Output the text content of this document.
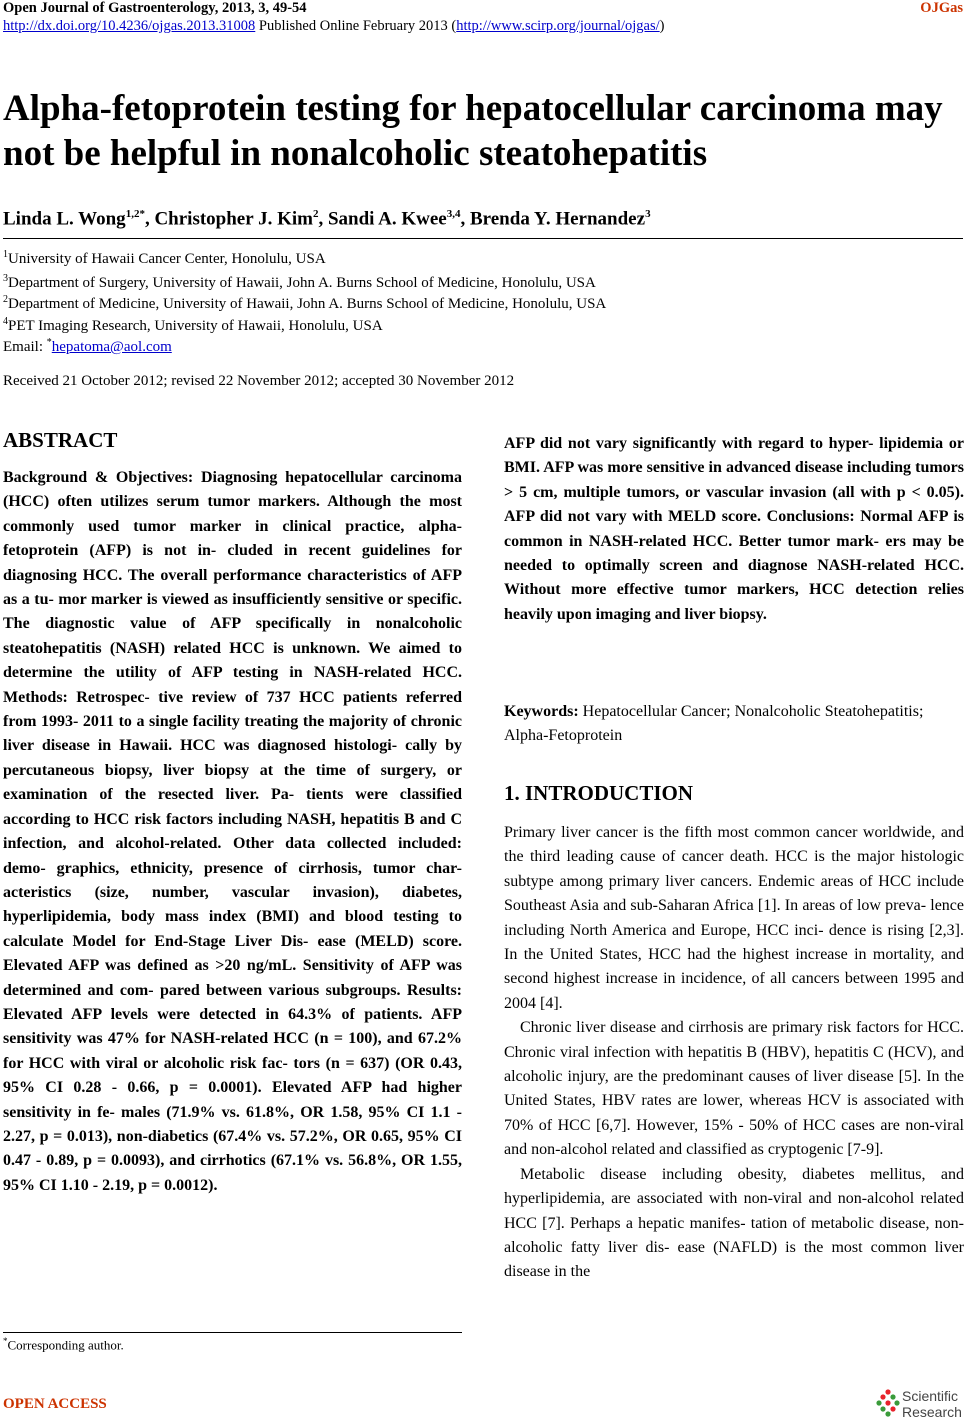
Open Journal of Gastroenterology, 2013, 3, 49-54	OJGas
http://dx.doi.org/10.4236/ojgas.2013.31008 Published Online February 2013 (http://www.scirp.org/journal/ojgas/)
Alpha-fetoprotein testing for hepatocellular carcinoma may not be helpful in nonalcoholic steatohepatitis
Linda L. Wong$^{1,2*}$, Christopher J. Kim$^2$, Sandi A. Kwee$^{3,4}$, Brenda Y. Hernandez$^3$
$^1$University of Hawaii Cancer Center, Honolulu, USA
$^3$Department of Surgery, University of Hawaii, John A. Burns School of Medicine, Honolulu, USA
$^2$Department of Medicine, University of Hawaii, John A. Burns School of Medicine, Honolulu, USA
$^4$PET Imaging Research, University of Hawaii, Honolulu, USA
Email: *hepatoma@aol.com
Received 21 October 2012; revised 22 November 2012; accepted 30 November 2012
ABSTRACT
Background & Objectives: Diagnosing hepatocellular carcinoma (HCC) often utilizes serum tumor markers. Although the most commonly used tumor marker in clinical practice, alpha-fetoprotein (AFP) is not in- cluded in recent guidelines for diagnosing HCC. The overall performance characteristics of AFP as a tu- mor marker is viewed as insufficiently sensitive or specific. The diagnostic value of AFP specifically in nonalcoholic steatohepatitis (NASH) related HCC is unknown. We aimed to determine the utility of AFP testing in NASH-related HCC. Methods: Retrospec- tive review of 737 HCC patients referred from 1993- 2011 to a single facility treating the majority of chronic liver disease in Hawaii. HCC was diagnosed histologi- cally by percutaneous biopsy, liver biopsy at the time of surgery, or examination of the resected liver. Pa- tients were classified according to HCC risk factors including NASH, hepatitis B and C infection, and alcohol-related. Other data collected included: demo- graphics, ethnicity, presence of cirrhosis, tumor char- acteristics (size, number, vascular invasion), diabetes, hyperlipidemia, body mass index (BMI) and blood testing to calculate Model for End-Stage Liver Dis- ease (MELD) score. Elevated AFP was defined as >20 ng/mL. Sensitivity of AFP was determined and com- pared between various subgroups. Results: Elevated AFP levels were detected in 64.3% of patients. AFP sensitivity was 47% for NASH-related HCC (n = 100), and 67.2% for HCC with viral or alcoholic risk fac- tors (n = 637) (OR 0.43, 95% CI 0.28 - 0.66, p = 0.0001). Elevated AFP had higher sensitivity in fe- males (71.9% vs. 61.8%, OR 1.58, 95% CI 1.1 - 2.27, p = 0.013), non-diabetics (67.4% vs. 57.2%, OR 0.65, 95% CI 0.47 - 0.89, p = 0.0093), and cirrhotics (67.1% vs. 56.8%, OR 1.55, 95% CI 1.10 - 2.19, p = 0.0012).
AFP did not vary significantly with regard to hyper- lipidemia or BMI. AFP was more sensitive in advanced disease including tumors > 5 cm, multiple tumors, or vascular invasion (all with p < 0.05). AFP did not vary with MELD score. Conclusions: Normal AFP is common in NASH-related HCC. Better tumor mark- ers may be needed to optimally screen and diagnose NASH-related HCC. Without more effective tumor markers, HCC detection relies heavily upon imaging and liver biopsy.
Keywords: Hepatocellular Cancer; Nonalcoholic Steatohepatitis; Alpha-Fetoprotein
1. INTRODUCTION

Primary liver cancer is the fifth most common cancer worldwide, and the third leading cause of cancer death. HCC is the major histologic subtype among primary liver cancers. Endemic areas of HCC include Southeast Asia and sub-Saharan Africa [1]. In areas of low preva- lence including North America and Europe, HCC inci- dence is rising [2,3]. In the United States, HCC had the highest increase in mortality, and second highest increase in incidence, of all cancers between 1995 and 2004 [4].

Chronic liver disease and cirrhosis are primary risk factors for HCC. Chronic viral infection with hepatitis B (HBV), hepatitis C (HCV), and alcoholic injury, are the predominant causes of liver disease [5]. In the United States, HBV rates are lower, whereas HCV is associated with 70% of HCC [6,7]. However, 15% - 50% of HCC cases are non-viral and non-alcohol related and classified as cryptogenic [7-9].

Metabolic disease including obesity, diabetes mellitus, and hyperlipidemia, are associated with non-viral and non-alcohol related HCC [7]. Perhaps a hepatic manifes- tation of metabolic disease, non-alcoholic fatty liver dis- ease (NAFLD) is the most common liver disease in the

*Corresponding author.
OPEN ACCESS	Scientific
Research
